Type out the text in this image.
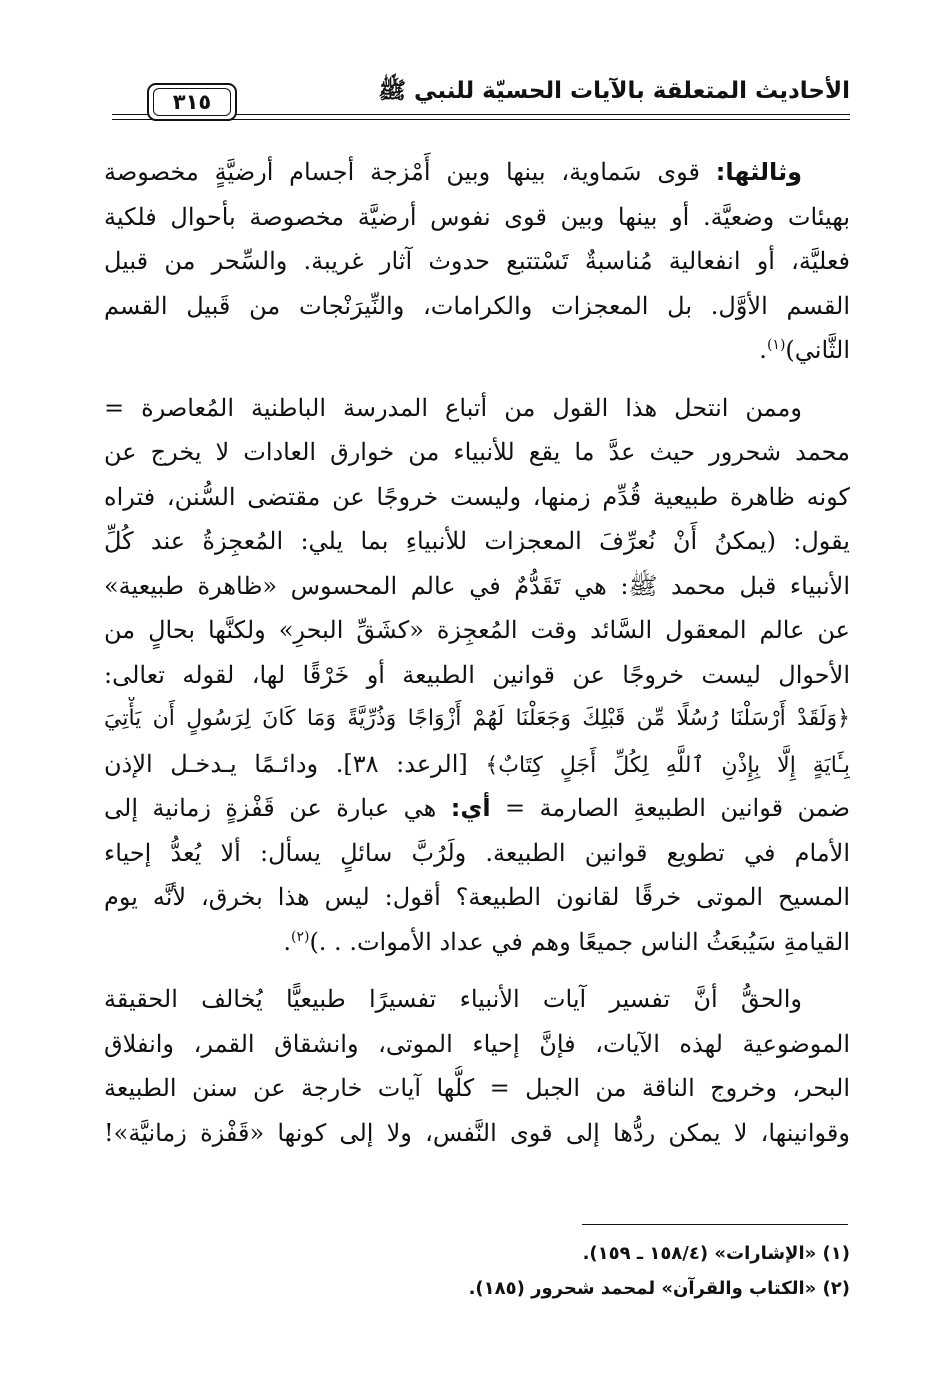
الأحاديث المتعلقة بالآيات الحسيّة للنبي ﷺ
٣١٥
وثالثها: قوى سَماوية، بينها وبين أَمْزجة أجسام أرضيَّةٍ مخصوصة
بهيئات وضعيَّة. أو بينها وبين قوى نفوس أرضيَّة مخصوصة بأحوال فلكية
فعليَّة، أو انفعالية مُناسبةٌ تَسْتتبع حدوث آثار غريبة. والسِّحر من قبيل
القسم الأوَّل. بل المعجزات والكرامات، والنِّيرَنْجات من قَبيل القسم
الثَّاني)$^{(١)}$.
وممن انتحل هذا القول من أتباع المدرسة الباطنية المُعاصرة =
محمد شحرور حيث عدَّ ما يقع للأنبياء من خوارق العادات لا يخرج عن
كونه ظاهرة طبيعية قُدِّم زمنها، وليست خروجًا عن مقتضى السُّنن، فتراه
يقول: (يمكنُ أَنْ نُعرِّفَ المعجزات للأنبياءِ بما يلي: المُعجِزةُ عند كُلِّ
الأنبياء قبل محمد ﷺ: هي تَقَدُّمٌ في عالم المحسوس «ظاهرة طبيعية»
عن عالم المعقول السَّائد وقت المُعجِزة «كشَقِّ البحرِ» ولكنَّها بحالٍ من
الأحوال ليست خروجًا عن قوانين الطبيعة أو خَرْقًا لها، لقوله تعالى:
﴿وَلَقَدْ أَرْسَلْنَا رُسُلًا مِّن قَبْلِكَ وَجَعَلْنَا لَهُمْ أَزْوَاجًا وَذُرِّيَّةً وَمَا كَانَ لِرَسُولٍ أَن يَأْتِيَ
بِـَٔايَةٍ إِلَّا بِإِذْنِ ٱللَّهِ لِكُلِّ أَجَلٍ كِتَابٌ﴾ [الرعد: ٣٨]. ودائـمًا يـدخـل الإذن
ضمن قوانين الطبيعةِ الصارمة = أي: هي عبارة عن قَفْزةٍ زمانية إلى
الأمام في تطويع قوانين الطبيعة. ولَرُبَّ سائلٍ يسأل: ألا يُعدُّ إحياء
المسيح الموتى خرقًا لقانون الطبيعة؟ أقول: ليس هذا بخرق، لأنَّه يوم
القيامةِ سَيُبعَثُ الناس جميعًا وهم في عداد الأموات. . .)$^{(٢)}$.
والحقُّ أنَّ تفسير آيات الأنبياء تفسيرًا طبيعيًّا يُخالف الحقيقة
الموضوعية لهذه الآيات، فإنَّ إحياء الموتى، وانشقاق القمر، وانفلاق
البحر، وخروج الناقة من الجبل = كلُّها آيات خارجة عن سنن الطبيعة
وقوانينها، لا يمكن ردُّها إلى قوى النَّفس، ولا إلى كونها «قَفْزة زمانيَّة»!
(١) «الإشارات» (١٥٨/٤ ـ ١٥٩).
(٢) «الكتاب والقرآن» لمحمد شحرور (١٨٥).
